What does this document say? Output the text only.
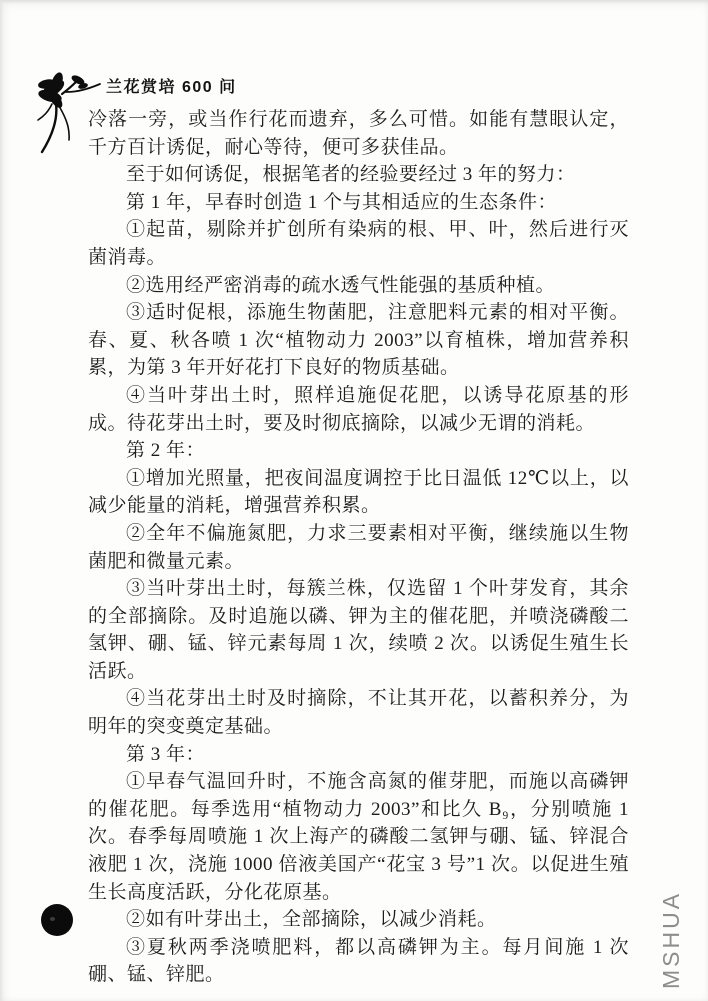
兰花赏培 600 问

冷落一旁，或当作行花而遗弃，多么可惜。如能有慧眼认定，千方百计诱促，耐心等待，便可多获佳品。

至于如何诱促，根据笔者的经验要经过 3 年的努力：

第 1 年，早春时创造 1 个与其相适应的生态条件：

①起苗，剔除并扩创所有染病的根、甲、叶，然后进行灭菌消毒。

②选用经严密消毒的疏水透气性能强的基质种植。

③适时促根，添施生物菌肥，注意肥料元素的相对平衡。春、夏、秋各喷 1 次“植物动力 2003”以育植株，增加营养积累，为第 3 年开好花打下良好的物质基础。

④当叶芽出土时，照样追施促花肥，以诱导花原基的形成。待花芽出土时，要及时彻底摘除，以减少无谓的消耗。

第 2 年：

①增加光照量，把夜间温度调控于比日温低 12℃以上，以减少能量的消耗，增强营养积累。

②全年不偏施氮肥，力求三要素相对平衡，继续施以生物菌肥和微量元素。

③当叶芽出土时，每簇兰株，仅选留 1 个叶芽发育，其余的全部摘除。及时追施以磷、钾为主的催花肥，并喷浇磷酸二氢钾、硼、锰、锌元素每周 1 次，续喷 2 次。以诱促生殖生长活跃。

④当花芽出土时及时摘除，不让其开花，以蓄积养分，为明年的突变奠定基础。

第 3 年：

①早春气温回升时，不施含高氮的催芽肥，而施以高磷钾的催花肥。每季选用“植物动力 2003”和比久 B₉，分别喷施 1 次。春季每周喷施 1 次上海产的磷酸二氢钾与硼、锰、锌混合液肥 1 次，浇施 1000 倍液美国产“花宝 3 号”1 次。以促进生殖生长高度活跃，分化花原基。

②如有叶芽出土，全部摘除，以减少消耗。

③夏秋两季浇喷肥料，都以高磷钾为主。每月间施 1 次硼、锰、锌肥。	MSHUA
